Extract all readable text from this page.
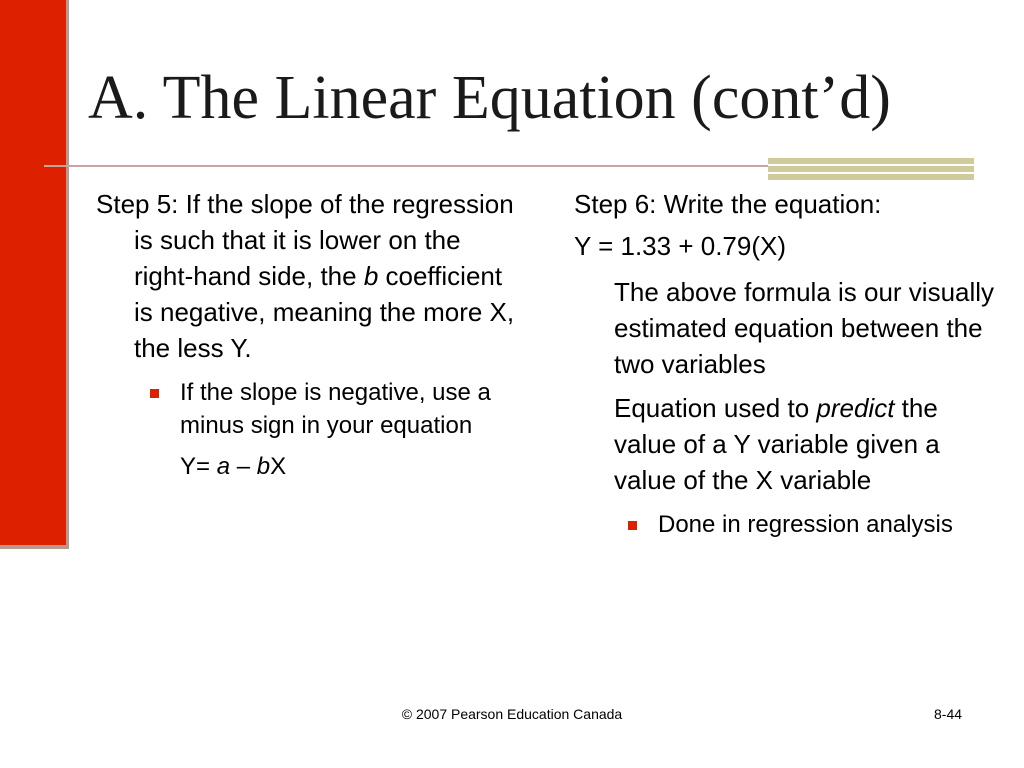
A. The Linear Equation (cont’d)

Step 5: If the slope of the regression is such that it is lower on the right-hand side, the b coefficient is negative, meaning the more X, the less Y.

If the slope is negative, use a minus sign in your equation
Y= a – bX

Step 6: Write the equation:

Y = 1.33 + 0.79(X)

The above formula is our visually estimated equation between the two variables

Equation used to predict the value of a Y variable given a value of the X variable

Done in regression analysis
© 2007 Pearson Education Canada	8-44
